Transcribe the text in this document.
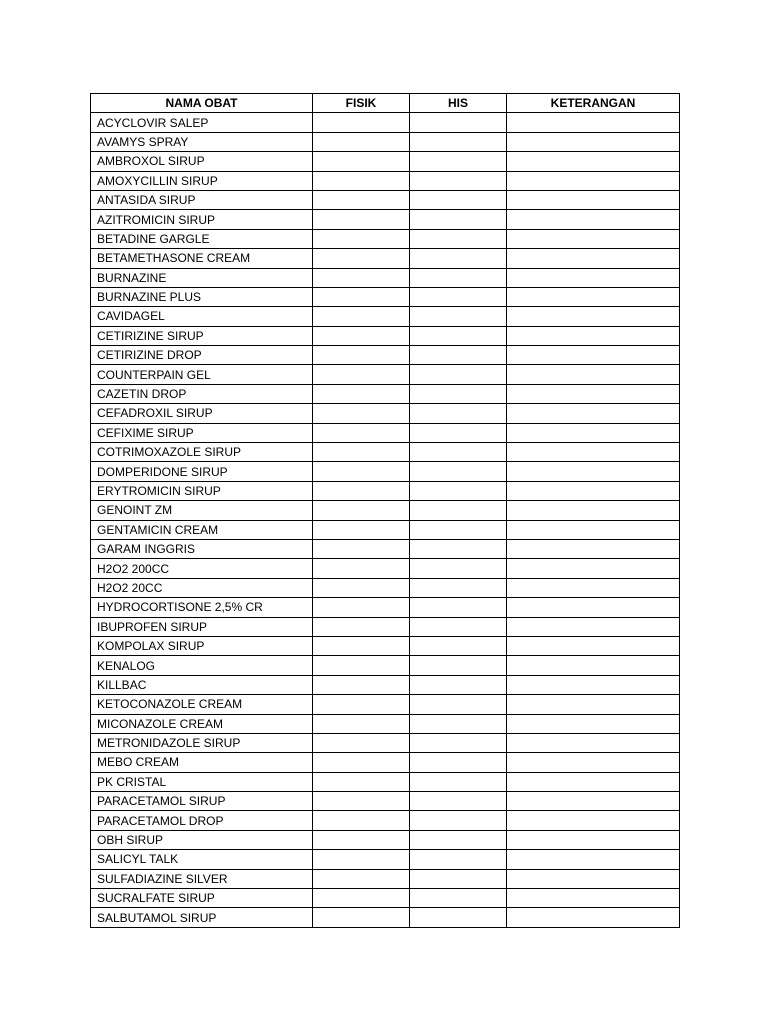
NAMA OBAT	FISIK	HIS	KETERANGAN
ACYCLOVIR SALEP			
AVAMYS SPRAY			
AMBROXOL SIRUP			
AMOXYCILLIN SIRUP			
ANTASIDA SIRUP			
AZITROMICIN SIRUP			
BETADINE GARGLE			
BETAMETHASONE CREAM			
BURNAZINE			
BURNAZINE PLUS			
CAVIDAGEL			
CETIRIZINE SIRUP			
CETIRIZINE DROP			
COUNTERPAIN GEL			
CAZETIN DROP			
CEFADROXIL SIRUP			
CEFIXIME SIRUP			
COTRIMOXAZOLE SIRUP			
DOMPERIDONE SIRUP			
ERYTROMICIN SIRUP			
GENOINT ZM			
GENTAMICIN CREAM			
GARAM INGGRIS			
H2O2 200CC			
H2O2 20CC			
HYDROCORTISONE 2,5% CR			
IBUPROFEN SIRUP			
KOMPOLAX SIRUP			
KENALOG			
KILLBAC			
KETOCONAZOLE CREAM			
MICONAZOLE CREAM			
METRONIDAZOLE SIRUP			
MEBO CREAM			
PK CRISTAL			
PARACETAMOL SIRUP			
PARACETAMOL DROP			
OBH SIRUP			
SALICYL TALK			
SULFADIAZINE SILVER			
SUCRALFATE SIRUP			
SALBUTAMOL SIRUP			
